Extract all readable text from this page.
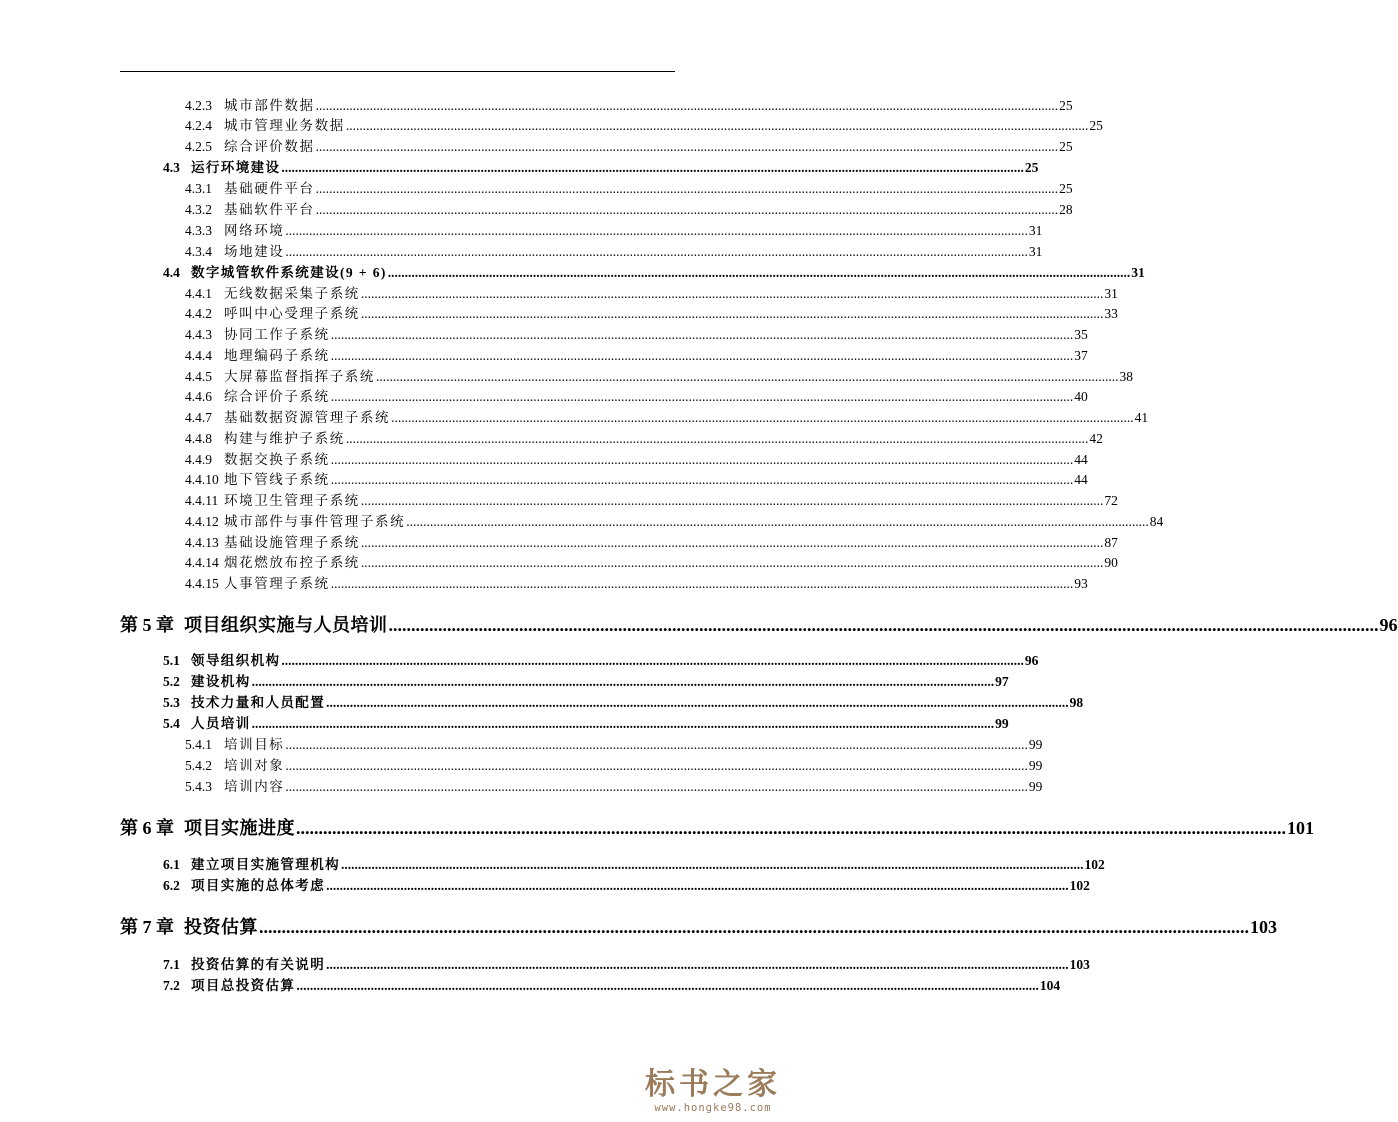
4.2.3 城市部件数据 ............................................................................................................................................................................................................................ 25
4.2.4 城市管理业务数据 ............................................................................................................................................................................................................................ 25
4.2.5 综合评价数据 ............................................................................................................................................................................................................................ 25
4.3 运行环境建设 ............................................................................................................................................................................................................................ 25
4.3.1 基础硬件平台 ............................................................................................................................................................................................................................ 25
4.3.2 基础软件平台 ............................................................................................................................................................................................................................ 28
4.3.3 网络环境 ............................................................................................................................................................................................................................ 31
4.3.4 场地建设 ............................................................................................................................................................................................................................ 31
4.4 数字城管软件系统建设(9 + 6) ............................................................................................................................................................................................................................ 31
4.4.1 无线数据采集子系统 ............................................................................................................................................................................................................................ 31
4.4.2 呼叫中心受理子系统 ............................................................................................................................................................................................................................ 33
4.4.3 协同工作子系统 ............................................................................................................................................................................................................................ 35
4.4.4 地理编码子系统 ............................................................................................................................................................................................................................ 37
4.4.5 大屏幕监督指挥子系统 ............................................................................................................................................................................................................................ 38
4.4.6 综合评价子系统 ............................................................................................................................................................................................................................ 40
4.4.7 基础数据资源管理子系统 ............................................................................................................................................................................................................................ 41
4.4.8 构建与维护子系统 ............................................................................................................................................................................................................................ 42
4.4.9 数据交换子系统 ............................................................................................................................................................................................................................ 44
4.4.10 地下管线子系统 ............................................................................................................................................................................................................................ 44
4.4.11 环境卫生管理子系统 ............................................................................................................................................................................................................................ 72
4.4.12 城市部件与事件管理子系统 ............................................................................................................................................................................................................................ 84
4.4.13 基础设施管理子系统 ............................................................................................................................................................................................................................ 87
4.4.14 烟花燃放布控子系统 ............................................................................................................................................................................................................................ 90
4.4.15 人事管理子系统 ............................................................................................................................................................................................................................ 93
第 5 章 项目组织实施与人员培训 ............................................................................................................................................................................................................................ 96
5.1 领导组织机构 ............................................................................................................................................................................................................................ 96
5.2 建设机构 ............................................................................................................................................................................................................................ 97
5.3 技术力量和人员配置 ............................................................................................................................................................................................................................ 98
5.4 人员培训 ............................................................................................................................................................................................................................ 99
5.4.1 培训目标 ............................................................................................................................................................................................................................ 99
5.4.2 培训对象 ............................................................................................................................................................................................................................ 99
5.4.3 培训内容 ............................................................................................................................................................................................................................ 99
第 6 章 项目实施进度 ............................................................................................................................................................................................................................ 101
6.1 建立项目实施管理机构 ............................................................................................................................................................................................................................ 102
6.2 项目实施的总体考虑 ............................................................................................................................................................................................................................ 102
第 7 章 投资估算 ............................................................................................................................................................................................................................ 103
7.1 投资估算的有关说明 ............................................................................................................................................................................................................................ 103
7.2 项目总投资估算 ............................................................................................................................................................................................................................ 104
标书之家
www.hongke98.com
